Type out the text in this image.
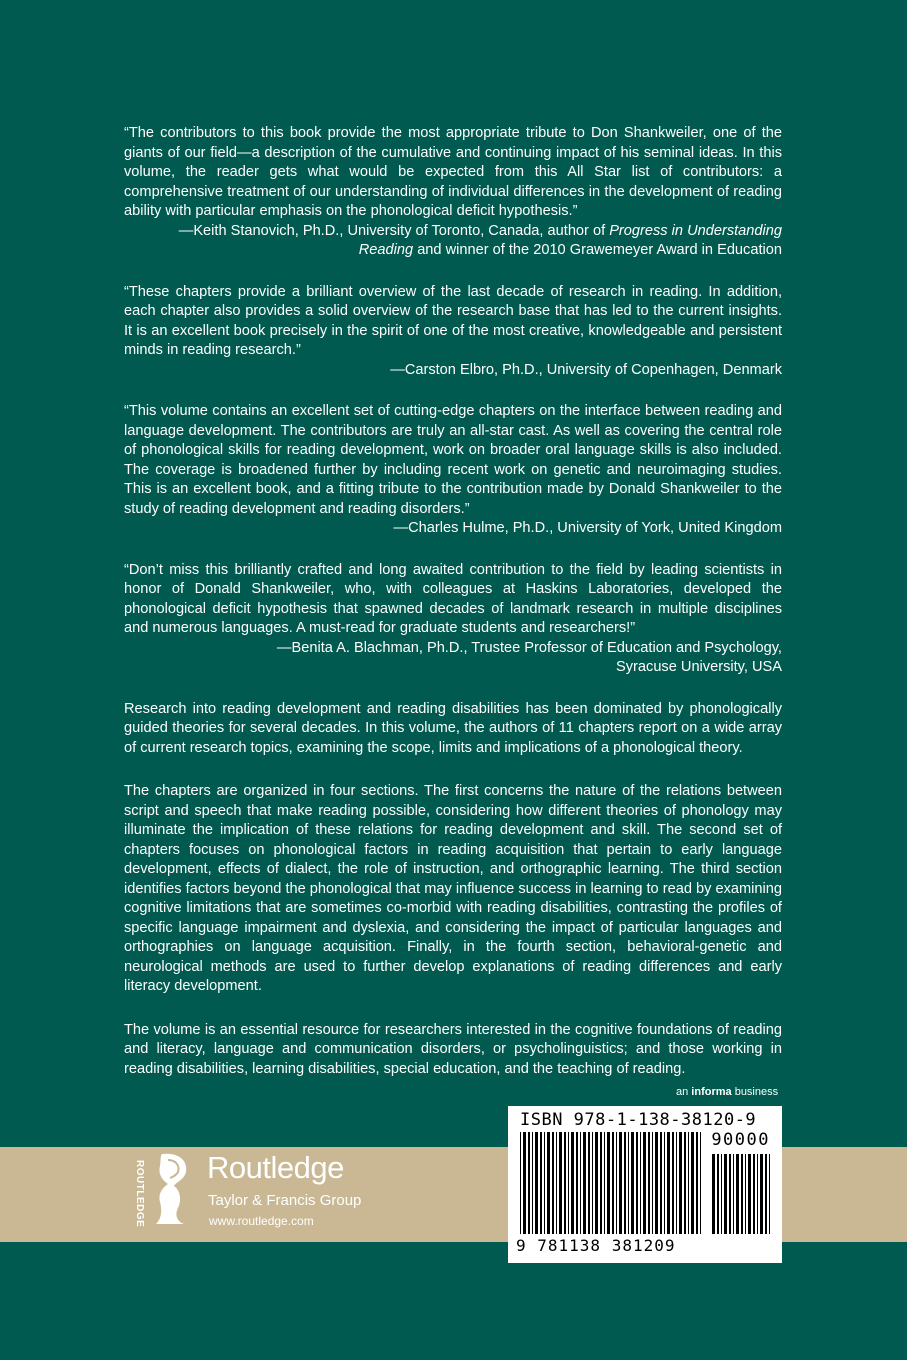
“The contributors to this book provide the most appropriate tribute to Don Shankweiler, one of the giants of our field—a description of the cumulative and continuing impact of his seminal ideas. In this volume, the reader gets what would be expected from this All Star list of contributors: a comprehensive treatment of our understanding of individual differences in the development of reading ability with particular emphasis on the phonological deficit hypothesis.”

—Keith Stanovich, Ph.D., University of Toronto, Canada, author of Progress in Understanding
Reading and winner of the 2010 Grawemeyer Award in Education

“These chapters provide a brilliant overview of the last decade of research in reading. In addition, each chapter also provides a solid overview of the research base that has led to the current insights. It is an excellent book precisely in the spirit of one of the most creative, knowledgeable and persistent minds in reading research.”

—Carston Elbro, Ph.D., University of Copenhagen, Denmark

“This volume contains an excellent set of cutting-edge chapters on the interface between reading and language development. The contributors are truly an all-star cast. As well as covering the central role of phonological skills for reading development, work on broader oral language skills is also included. The coverage is broadened further by including recent work on genetic and neuroimaging studies. This is an excellent book, and a fitting tribute to the contribution made by Donald Shankweiler to the study of reading development and reading disorders.”

—Charles Hulme, Ph.D., University of York, United Kingdom

“Don’t miss this brilliantly crafted and long awaited contribution to the field by leading scientists in honor of Donald Shankweiler, who, with colleagues at Haskins Laboratories, developed the phonological deficit hypothesis that spawned decades of landmark research in multiple disciplines and numerous languages. A must-read for graduate students and researchers!”

—Benita A. Blachman, Ph.D., Trustee Professor of Education and Psychology,
Syracuse University, USA

Research into reading development and reading disabilities has been dominated by phonologically guided theories for several decades. In this volume, the authors of 11 chapters report on a wide array of current research topics, examining the scope, limits and implications of a phonological theory.

The chapters are organized in four sections. The first concerns the nature of the relations between script and speech that make reading possible, considering how different theories of phonology may illuminate the implication of these relations for reading development and skill. The second set of chapters focuses on phonological factors in reading acquisition that pertain to early language development, effects of dialect, the role of instruction, and orthographic learning. The third section identifies factors beyond the phonological that may influence success in learning to read by examining cognitive limitations that are sometimes co-morbid with reading disabilities, contrasting the profiles of specific language impairment and dyslexia, and considering the impact of particular languages and orthographies on language acquisition. Finally, in the fourth section, behavioral-genetic and neurological methods are used to further develop explanations of reading differences and early literacy development.

The volume is an essential resource for researchers interested in the cognitive foundations of reading and literacy, language and communication disorders, or psycholinguistics; and those working in reading disabilities, learning disabilities, special education, and the teaching of reading.

an informa business
ROUTLEDGE Routledge
Taylor & Francis Group
www.routledge.com
ISBN 978-1-138-38120-9
90000
9 781138 381209
